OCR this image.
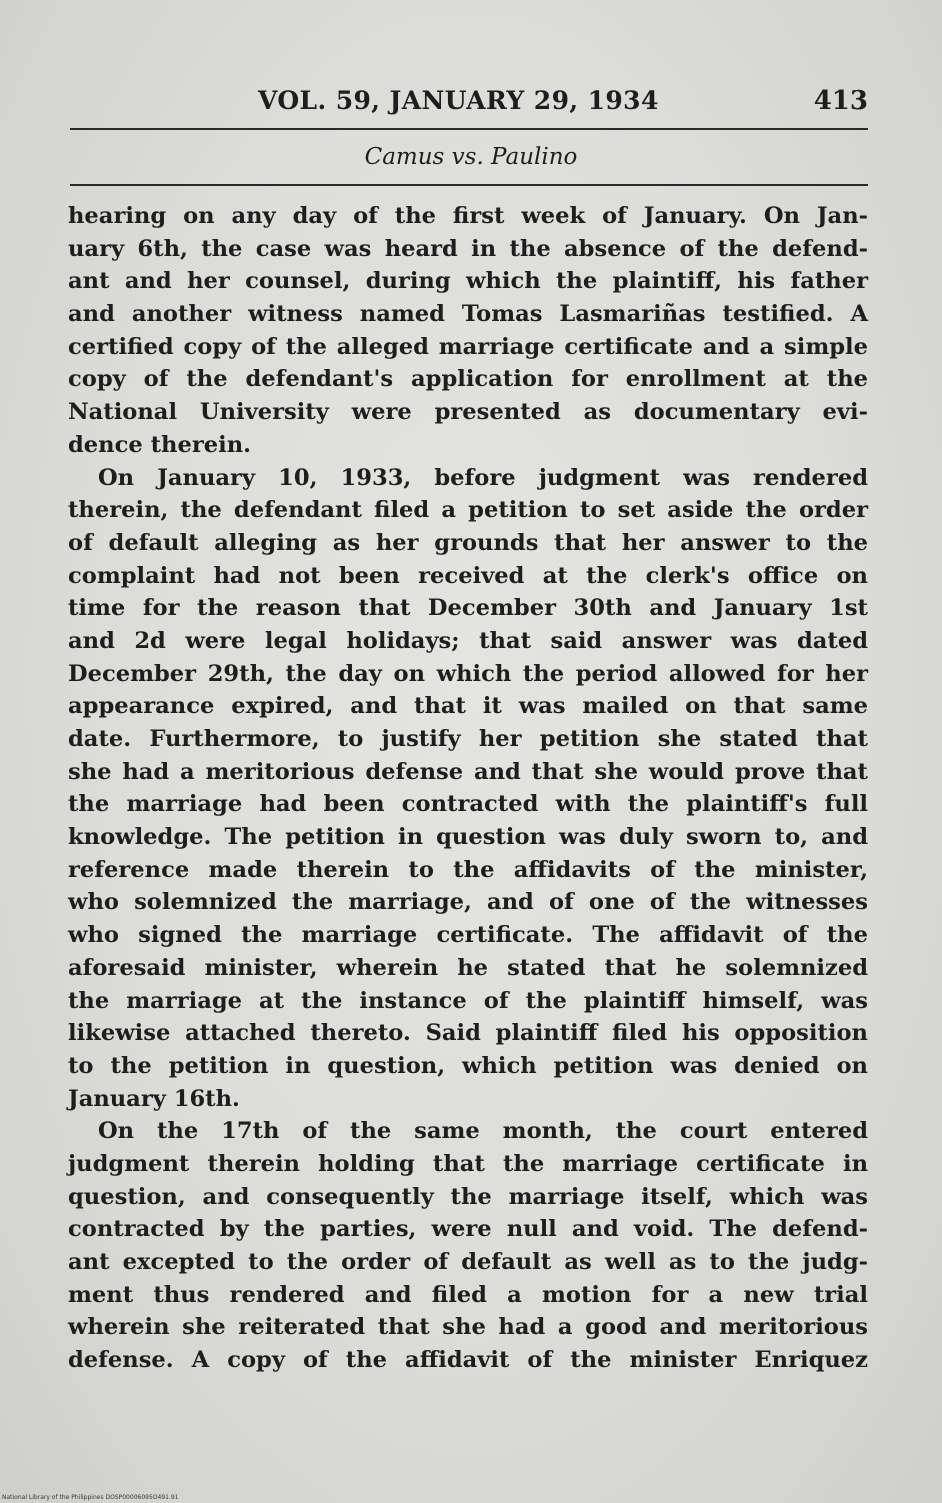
VOL. 59, JANUARY 29, 1934	413
Camus vs. Paulino
hearing on any day of the first week of January. On Jan-
uary 6th, the case was heard in the absence of the defend-
ant and her counsel, during which the plaintiff, his father
and another witness named Tomas Lasmariñas testified. A
certified copy of the alleged marriage certificate and a simple
copy of the defendant's application for enrollment at the
National University were presented as documentary evi-
dence therein.
On January 10, 1933, before judgment was rendered
therein, the defendant filed a petition to set aside the order
of default alleging as her grounds that her answer to the
complaint had not been received at the clerk's office on
time for the reason that December 30th and January 1st
and 2d were legal holidays; that said answer was dated
December 29th, the day on which the period allowed for her
appearance expired, and that it was mailed on that same
date. Furthermore, to justify her petition she stated that
she had a meritorious defense and that she would prove that
the marriage had been contracted with the plaintiff's full
knowledge. The petition in question was duly sworn to, and
reference made therein to the affidavits of the minister,
who solemnized the marriage, and of one of the witnesses
who signed the marriage certificate. The affidavit of the
aforesaid minister, wherein he stated that he solemnized
the marriage at the instance of the plaintiff himself, was
likewise attached thereto. Said plaintiff filed his opposition
to the petition in question, which petition was denied on
January 16th.
On the 17th of the same month, the court entered
judgment therein holding that the marriage certificate in
question, and consequently the marriage itself, which was
contracted by the parties, were null and void. The defend-
ant excepted to the order of default as well as to the judg-
ment thus rendered and filed a motion for a new trial
wherein she reiterated that she had a good and meritorious
defense. A copy of the affidavit of the minister Enriquez
National Library of the Philippines DOSP00006095O491.91
